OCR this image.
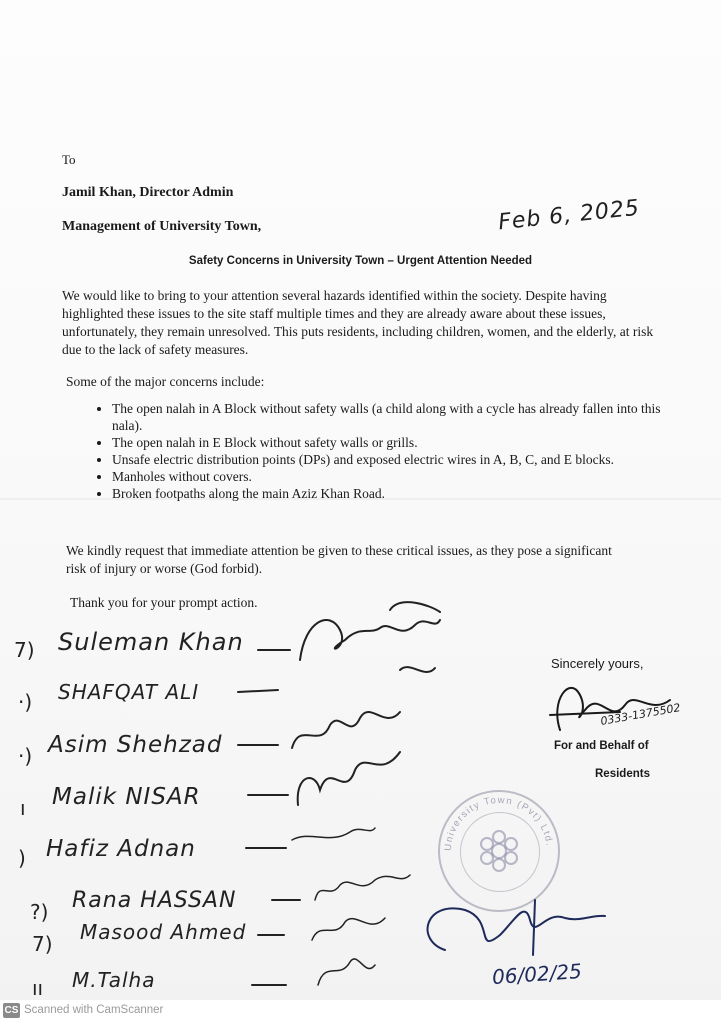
To
Jamil Khan, Director Admin
Management of University Town,	Feb 6, 2025
Safety Concerns in University Town – Urgent Attention Needed
We would like to bring to your attention several hazards identified within the society. Despite having highlighted these issues to the site staff multiple times and they are already aware about these issues, unfortunately, they remain unresolved. This puts residents, including children, women, and the elderly, at risk due to the lack of safety measures.
Some of the major concerns include:
• The open nalah in A Block without safety walls (a child along with a cycle has already fallen into this nala).
• The open nalah in E Block without safety walls or grills.
• Unsafe electric distribution points (DPs) and exposed electric wires in A, B, C, and E blocks.
• Manholes without covers.
• Broken footpaths along the main Aziz Khan Road.
We kindly request that immediate attention be given to these critical issues, as they pose a significant risk of injury or worse (God forbid).
Thank you for your prompt action.
7) Suleman Khan
·) SHAFQAT ALI
·) Asim Shehzad
ı Malik NISAR
) Hafiz Adnan
?) Rana HASSAN
7) Masood Ahmed
ıı M.Talha
Sincerely yours,
0333-1375502
For and Behalf of
Residents
University Town (Pvt) Ltd.
06/02/25
CS Scanned with CamScanner
